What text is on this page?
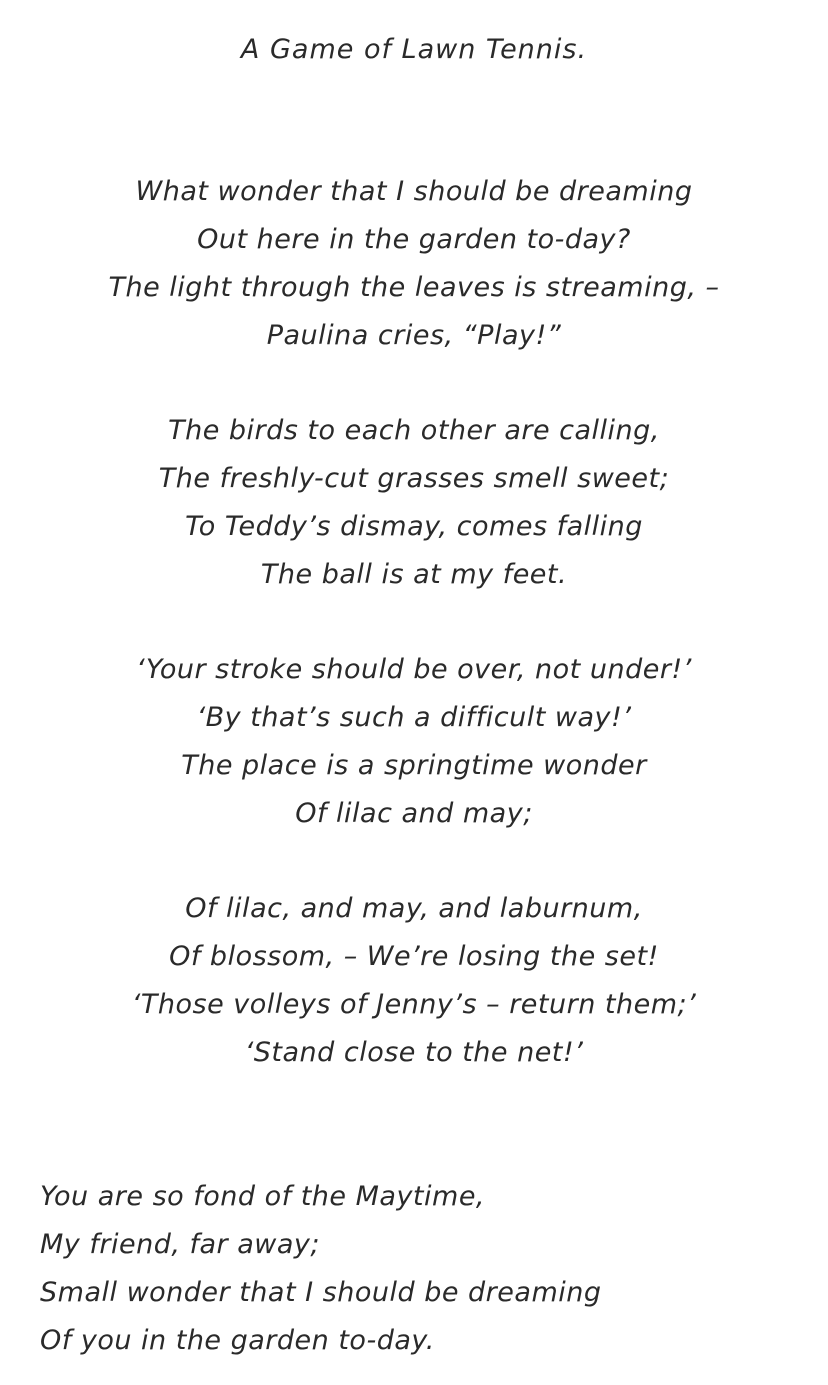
A Game of Lawn Tennis.
What wonder that I should be dreaming
Out here in the garden to-day?
The light through the leaves is streaming, –
Paulina cries, “Play!”
The birds to each other are calling,
The freshly-cut grasses smell sweet;
To Teddy’s dismay, comes falling
The ball is at my feet.
‘Your stroke should be over, not under!’
‘By that’s such a difficult way!’
The place is a springtime wonder
Of lilac and may;
Of lilac, and may, and laburnum,
Of blossom, – We’re losing the set!
‘Those volleys of Jenny’s – return them;’
‘Stand close to the net!’
You are so fond of the Maytime,
My friend, far away;
Small wonder that I should be dreaming
Of you in the garden to-day.
